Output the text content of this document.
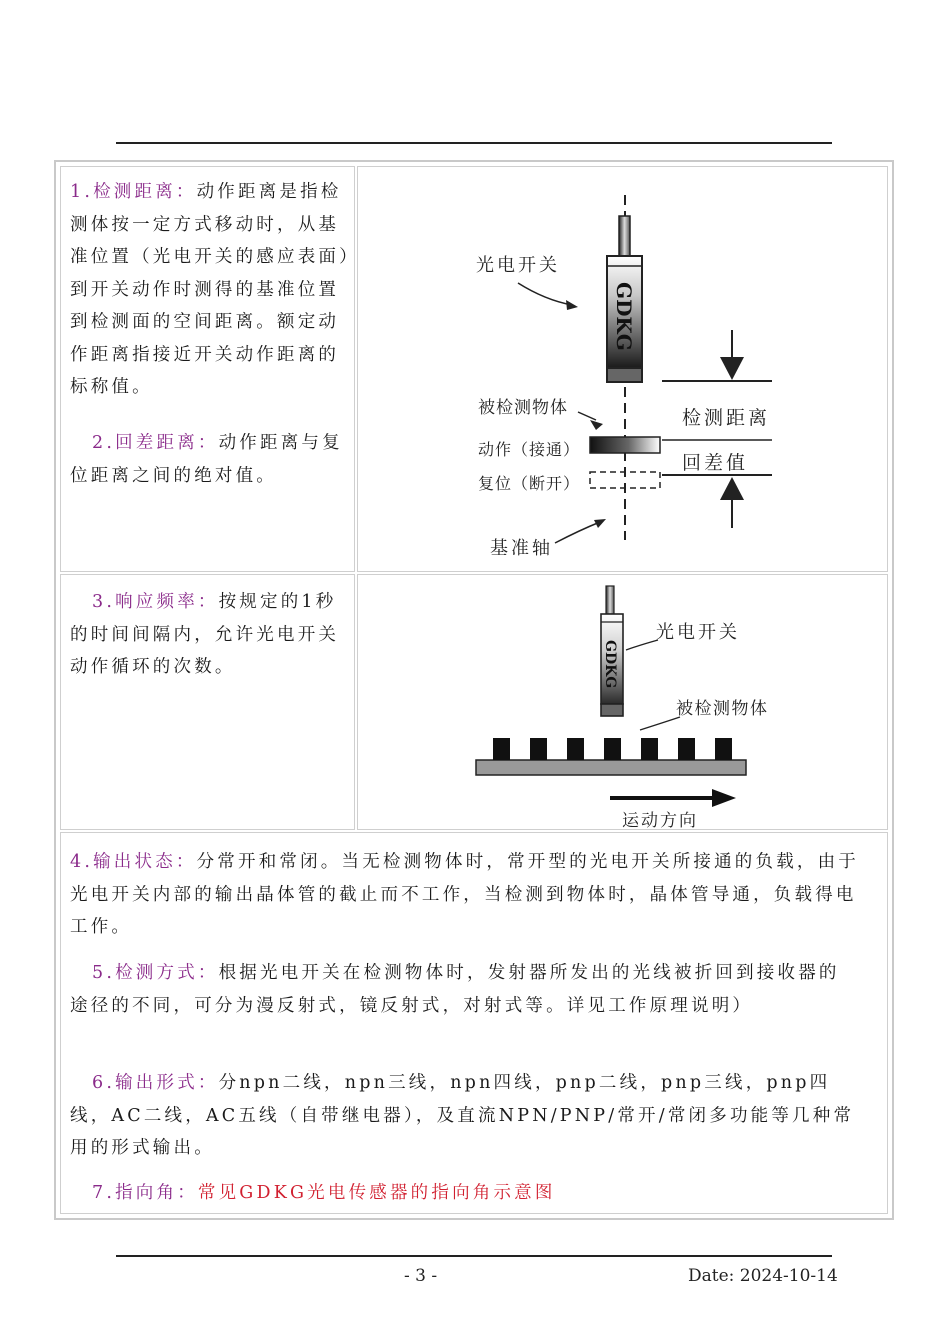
1.检测距离：动作距离是指检测体按一定方式移动时，从基准位置（光电开关的感应表面）到开关动作时测得的基准位置到检测面的空间距离。额定动作距离指接近开关动作距离的标称值。

2.回差距离：动作距离与复位距离之间的绝对值。

GDKG
光电开关
被检测物体
动作（接通）
复位（断开）
基准轴
检测距离
回差值

3.响应频率：按规定的1秒的时间间隔内，允许光电开关动作循环的次数。	GDKG
光电开关
被检测物体
运动方向

4.输出状态：分常开和常闭。当无检测物体时，常开型的光电开关所接通的负载，由于光电开关内部的输出晶体管的截止而不工作，当检测到物体时，晶体管导通，负载得电工作。

5.检测方式：根据光电开关在检测物体时，发射器所发出的光线被折回到接收器的途径的不同，可分为漫反射式，镜反射式，对射式等。详见工作原理说明）

6.输出形式：分npn二线，npn三线，npn四线，pnp二线，pnp三线，pnp四线，AC二线，AC五线（自带继电器），及直流NPN/PNP/常开/常闭多功能等几种常用的形式输出。

7.指向角：常见GDKG光电传感器的指向角示意图

- 3 -	Date: 2024-10-14
